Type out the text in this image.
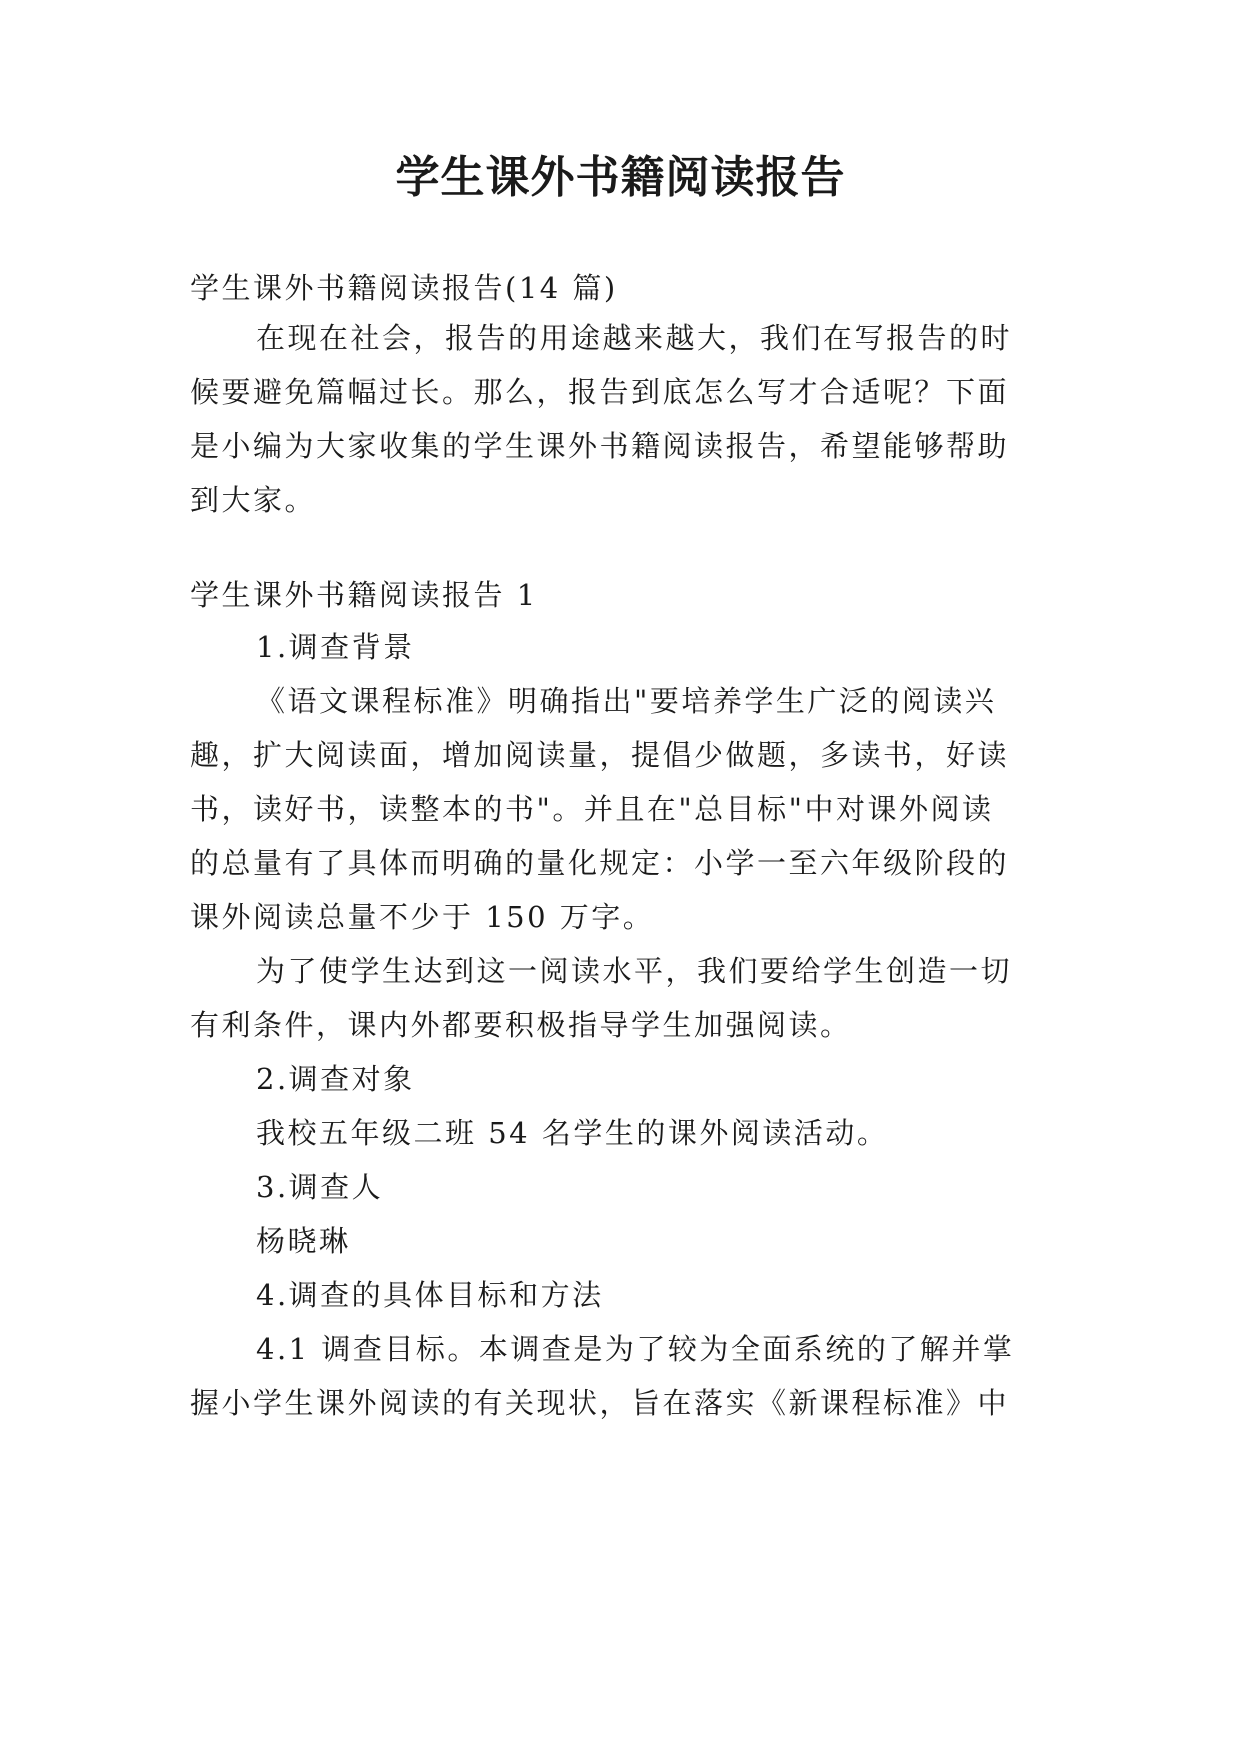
学生课外书籍阅读报告
学生课外书籍阅读报告(14 篇)
在现在社会，报告的用途越来越大，我们在写报告的时
候要避免篇幅过长。那么，报告到底怎么写才合适呢？下面
是小编为大家收集的学生课外书籍阅读报告，希望能够帮助
到大家。
学生课外书籍阅读报告 1
1.调查背景
《语文课程标准》明确指出"要培养学生广泛的阅读兴
趣，扩大阅读面，增加阅读量，提倡少做题，多读书，好读
书，读好书，读整本的书"。并且在"总目标"中对课外阅读
的总量有了具体而明确的量化规定：小学一至六年级阶段的
课外阅读总量不少于 150 万字。
为了使学生达到这一阅读水平，我们要给学生创造一切
有利条件，课内外都要积极指导学生加强阅读。
2.调查对象
我校五年级二班 54 名学生的课外阅读活动。
3.调查人
杨晓琳
4.调查的具体目标和方法
4.1 调查目标。本调查是为了较为全面系统的了解并掌
握小学生课外阅读的有关现状，旨在落实《新课程标准》中
